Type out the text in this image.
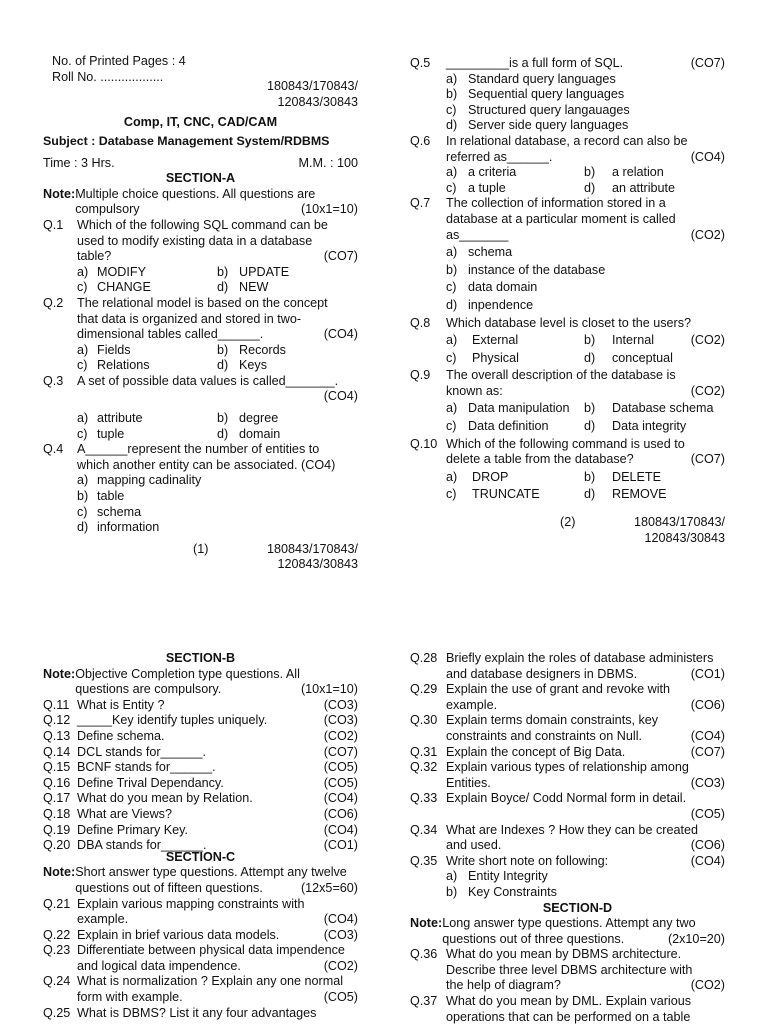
No. of Printed Pages : 4
Roll No. ..................
180843/170843/
120843/30843
Comp, IT, CNC, CAD/CAM
Subject : Database Management System/RDBMS
Time : 3 Hrs.	M.M. : 100
SECTION-A
Note: Multiple choice questions. All questions are
compulsory	(10x1=10)
Q.1	Which of the following SQL command can be
used to modify existing data in a database
table?	(CO7)
a) MODIFY	b) UPDATE
c) CHANGE	d) NEW
Q.2	The relational model is based on the concept
that data is organized and stored in two-
dimensional tables called______.	(CO4)
a) Fields	b) Records
c) Relations	d) Keys
Q.3	A set of possible data values is called_______.
(CO4)
a) attribute	b) degree
c) tuple	d) domain
Q.4	A______represent the number of entities to
which another entity can be associated. (CO4)
a) mapping cadinality
b) table
c) schema
d) information
(1)	180843/170843/
120843/30843
Q.5	_________is a full form of SQL.	(CO7)
a) Standard query languages
b) Sequential query languages
c) Structured query langauages
d) Server side query languages
Q.6	In relational database, a record can also be
referred as______.	(CO4)
a) a criteria	b)	a relation
c) a tuple	d)	an attribute
Q.7	The collection of information stored in a
database at a particular moment is called
as_______	(CO2)
a) schema
b) instance of the database
c) data domain
d) inpendence
Q.8	Which database level is closet to the users?
a)	External	b)	Internal	(CO2)
c)	Physical	d)	conceptual
Q.9	The overall description of the database is
known as:	(CO2)
a) Data manipulation	b)	Database schema
c) Data definition	d)	Data integrity
Q.10 Which of the following command is used to
delete a table from the database?	(CO7)
a)	DROP	b)	DELETE
c)	TRUNCATE	d)	REMOVE
(2)	180843/170843/
120843/30843
SECTION-B
Note: Objective Completion type questions. All
questions are compulsory.	(10x1=10)
Q.11 What is Entity ?	(CO3)
Q.12 _____Key identify tuples uniquely.	(CO3)
Q.13 Define schema.	(CO2)
Q.14 DCL stands for______.	(CO7)
Q.15 BCNF stands for______.	(CO5)
Q.16 Define Trival Dependancy.	(CO5)
Q.17 What do you mean by Relation.	(CO4)
Q.18 What are Views?	(CO6)
Q.19 Define Primary Key.	(CO4)
Q.20 DBA stands for______.	(CO1)
SECTION-C
Note: Short answer type questions. Attempt any twelve
questions out of fifteen questions.	(12x5=60)
Q.21 Explain various mapping constraints with
example.	(CO4)
Q.22 Explain in brief various data models.	(CO3)
Q.23 Differentiate between physical data impendence
and logical data impendence.	(CO2)
Q.24 What is normalization ? Explain any one normal
form with example.	(CO5)
Q.25 What is DBMS? List it any four advantages
Q.28 Briefly explain the roles of database administers
and database designers in DBMS.	(CO1)
Q.29 Explain the use of grant and revoke with
example.	(CO6)
Q.30 Explain terms domain constraints, key
constraints and constraints on Null.	(CO4)
Q.31 Explain the concept of Big Data.	(CO7)
Q.32 Explain various types of relationship among
Entities.	(CO3)
Q.33 Explain Boyce/ Codd Normal form in detail.
(CO5)
Q.34 What are Indexes ? How they can be created
and used.	(CO6)
Q.35 Write short note on following:	(CO4)
a) Entity Integrity
b) Key Constraints
SECTION-D
Note: Long answer type questions. Attempt any two
questions out of three questions.	(2x10=20)
Q.36 What do you mean by DBMS architecture.
Describe three level DBMS architecture with
the help of diagram?	(CO2)
Q.37 What do you mean by DML. Explain various
operations that can be performed on a table
